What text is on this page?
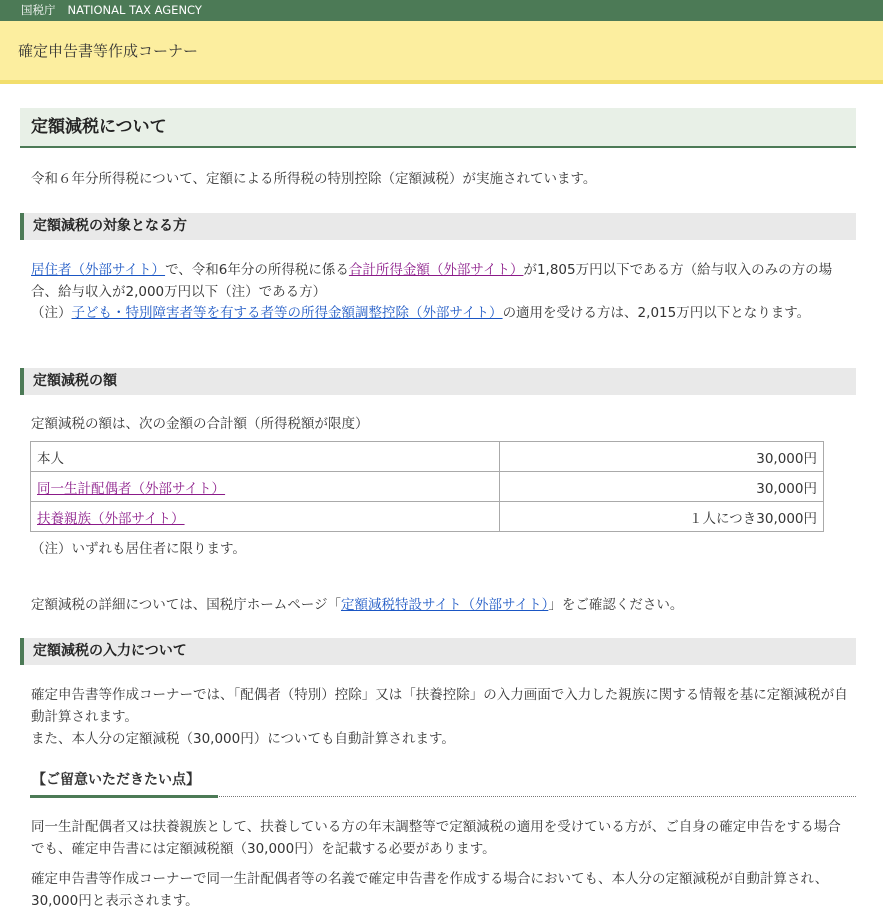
国税庁 NATIONAL TAX AGENCY
確定申告書等作成コーナー
定額減税について
令和６年分所得税について、定額による所得税の特別控除（定額減税）が実施されています。
定額減税の対象となる方
居住者（外部サイト）で、令和6年分の所得税に係る合計所得金額（外部サイト）が1,805万円以下である方（給与収入のみの方の場合、給与収入が2,000万円以下（注）である方）
（注）子ども・特別障害者等を有する者等の所得金額調整控除（外部サイト）の適用を受ける方は、2,015万円以下となります。
定額減税の額
定額減税の額は、次の金額の合計額（所得税額が限度）
本人	30,000円
同一生計配偶者（外部サイト）	30,000円
扶養親族（外部サイト）	１人につき30,000円
（注）いずれも居住者に限ります。
定額減税の詳細については、国税庁ホームページ「定額減税特設サイト（外部サイト）」をご確認ください。
定額減税の入力について
確定申告書等作成コーナーでは、「配偶者（特別）控除」又は「扶養控除」の入力画面で入力した親族に関する情報を基に定額減税が自動計算されます。
また、本人分の定額減税（30,000円）についても自動計算されます。
【ご留意いただきたい点】
同一生計配偶者又は扶養親族として、扶養している方の年末調整等で定額減税の適用を受けている方が、ご自身の確定申告をする場合でも、確定申告書には定額減税額（30,000円）を記載する必要があります。
確定申告書等作成コーナーで同一生計配偶者等の名義で確定申告書を作成する場合においても、本人分の定額減税が自動計算され、30,000円と表示されます。
